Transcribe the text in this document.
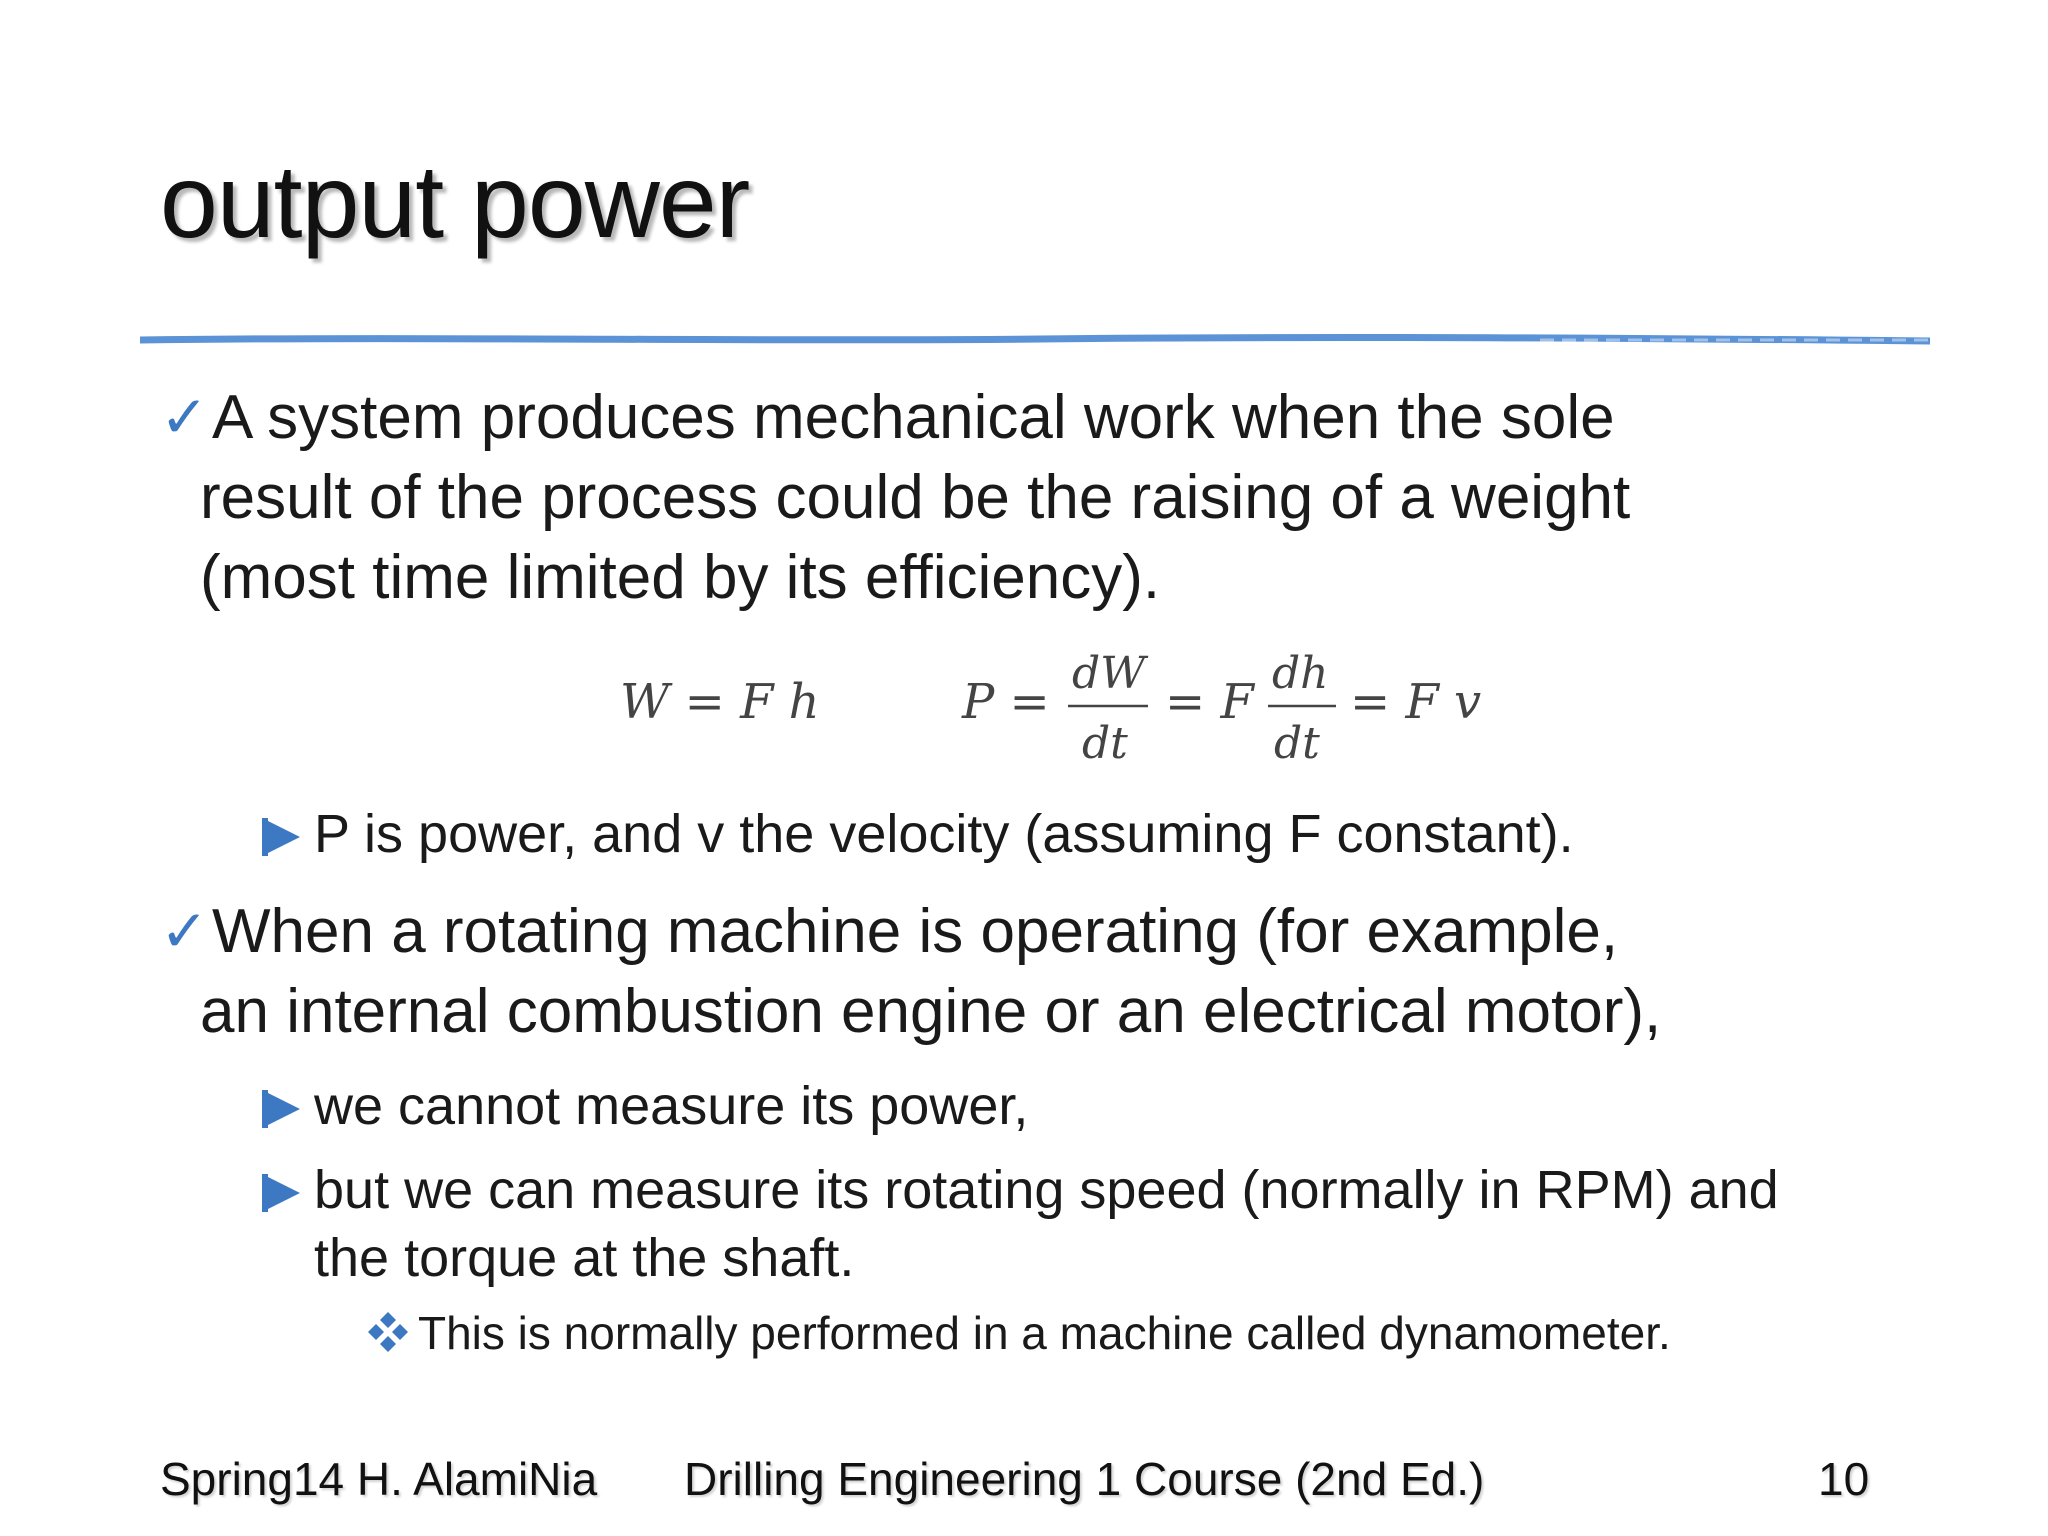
output power
✓ A system produces mechanical work when the sole
result of the process could be the raising of a weight
(most time limited by its efficiency).
W = F h	P =
dW
dt
= F
dh
dt
= F v
P is power, and v the velocity (assuming F constant).
✓ When a rotating machine is operating (for example,
an internal combustion engine or an electrical motor),
we cannot measure its power,
but we can measure its rotating speed (normally in RPM) and
the torque at the shaft.
This is normally performed in a machine called dynamometer.
Spring14 H. AlamiNia Drilling Engineering 1 Course (2nd Ed.)	10
